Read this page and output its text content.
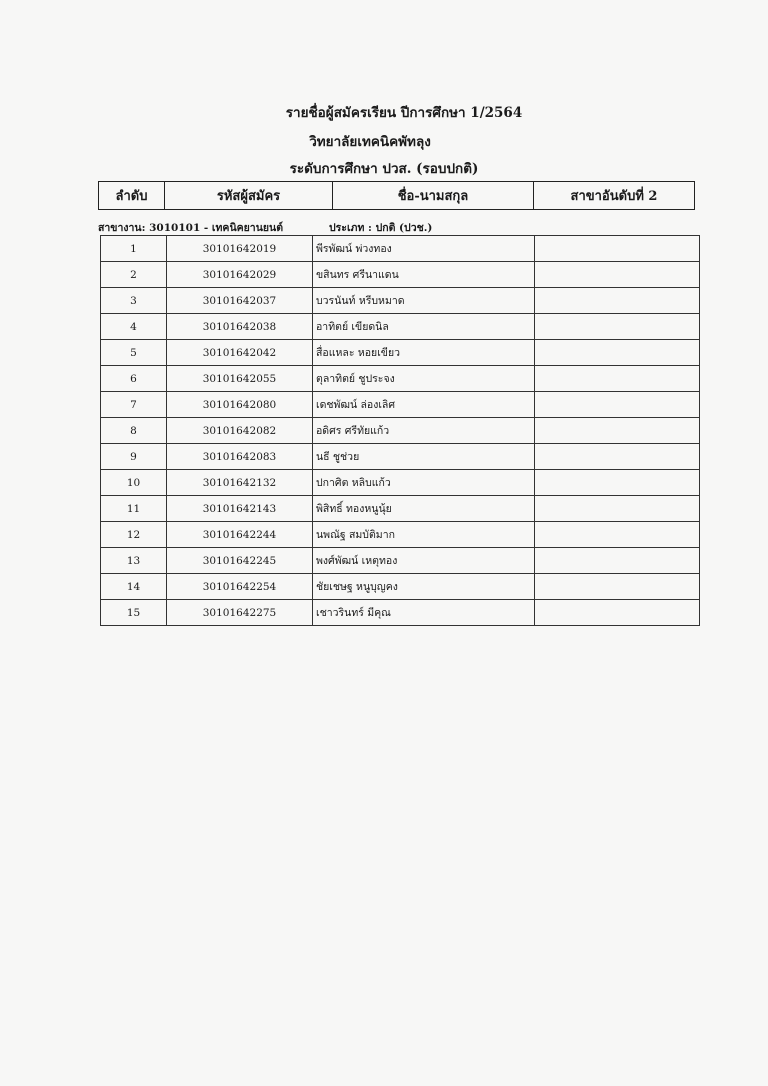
รายชื่อผู้สมัครเรียน ปีการศึกษา 1/2564
วิทยาลัยเทคนิคพัทลุง
ระดับการศึกษา ปวส. (รอบปกติ)
ลำดับ	รหัสผู้สมัคร	ชื่อ-นามสกุล	สาขาอันดับที่ 2
สาขางาน: 3010101 - เทคนิคยานยนต์	ประเภท : ปกติ (ปวช.)
1	30101642019	พีรพัฒน์ พ่วงทอง	
2	30101642029	ขสินทร ศรีนาแดน	
3	30101642037	บวรนันท์ หรีบหมาด	
4	30101642038	อาทิตย์ เขียดนิล	
5	30101642042	สื่อแหละ หอยเขียว	
6	30101642055	ตุลาทิตย์ ชูประจง	
7	30101642080	เดชพัฒน์ ล่องเลิศ	
8	30101642082	อดิศร ศรีทัยแก้ว	
9	30101642083	นธี ชูช่วย	
10	30101642132	ปกาศิต หลิบแก้ว	
11	30101642143	พิสิทธิ์ ทองหนูนุ้ย	
12	30101642244	นพณัฐ สมบัติมาก	
13	30101642245	พงศ์พัฒน์ เหตุทอง	
14	30101642254	ชัยเชษฐ หนูบุญคง	
15	30101642275	เชาวรินทร์ มีคุณ	
